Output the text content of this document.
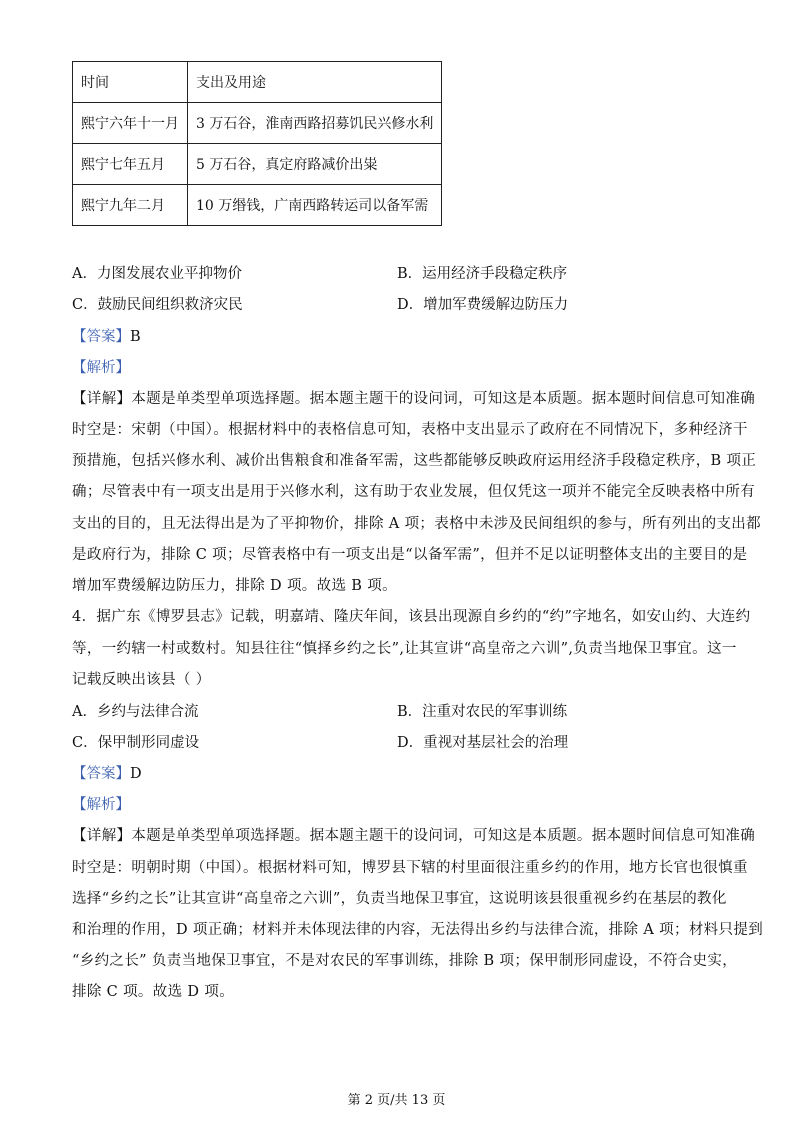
时间	支出及用途
熙宁六年十一月	3 万石谷，淮南西路招募饥民兴修水利
熙宁七年五月	5 万石谷，真定府路减价出粜
熙宁九年二月	10 万缗钱，广南西路转运司以备军需
A．力图发展农业平抑物价	B．运用经济手段稳定秩序
C．鼓励民间组织救济灾民	D．增加军费缓解边防压力
【答案】B
【解析】
【详解】本题是单类型单项选择题。据本题主题干的设问词，可知这是本质题。据本题时间信息可知准确
时空是：宋朝（中国）。根据材料中的表格信息可知，表格中支出显示了政府在不同情况下，多种经济干
预措施，包括兴修水利、减价出售粮食和准备军需，这些都能够反映政府运用经济手段稳定秩序，B 项正
确；尽管表中有一项支出是用于兴修水利，这有助于农业发展，但仅凭这一项并不能完全反映表格中所有
支出的目的，且无法得出是为了平抑物价，排除 A 项；表格中未涉及民间组织的参与，所有列出的支出都
是政府行为，排除 C 项；尽管表格中有一项支出是“以备军需”，但并不足以证明整体支出的主要目的是
增加军费缓解边防压力，排除 D 项。故选 B 项。
4．据广东《博罗县志》记载，明嘉靖、隆庆年间，该县出现源自乡约的“约”字地名，如安山约、大连约
等，一约辖一村或数村。知县往往“慎择乡约之长”,让其宣讲“高皇帝之六训”,负责当地保卫事宜。这一
记载反映出该县（ ）
A．乡约与法律合流	B．注重对农民的军事训练
C．保甲制形同虚设	D．重视对基层社会的治理
【答案】D
【解析】
【详解】本题是单类型单项选择题。据本题主题干的设问词，可知这是本质题。据本题时间信息可知准确
时空是：明朝时期（中国）。根据材料可知，博罗县下辖的村里面很注重乡约的作用，地方长官也很慎重
选择“乡约之长”让其宣讲“高皇帝之六训”，负责当地保卫事宜，这说明该县很重视乡约在基层的教化
和治理的作用，D 项正确；材料并未体现法律的内容，无法得出乡约与法律合流，排除 A 项；材料只提到
“乡约之长” 负责当地保卫事宜，不是对农民的军事训练，排除 B 项；保甲制形同虚设，不符合史实，
排除 C 项。故选 D 项。
第 2 页/共 13 页
